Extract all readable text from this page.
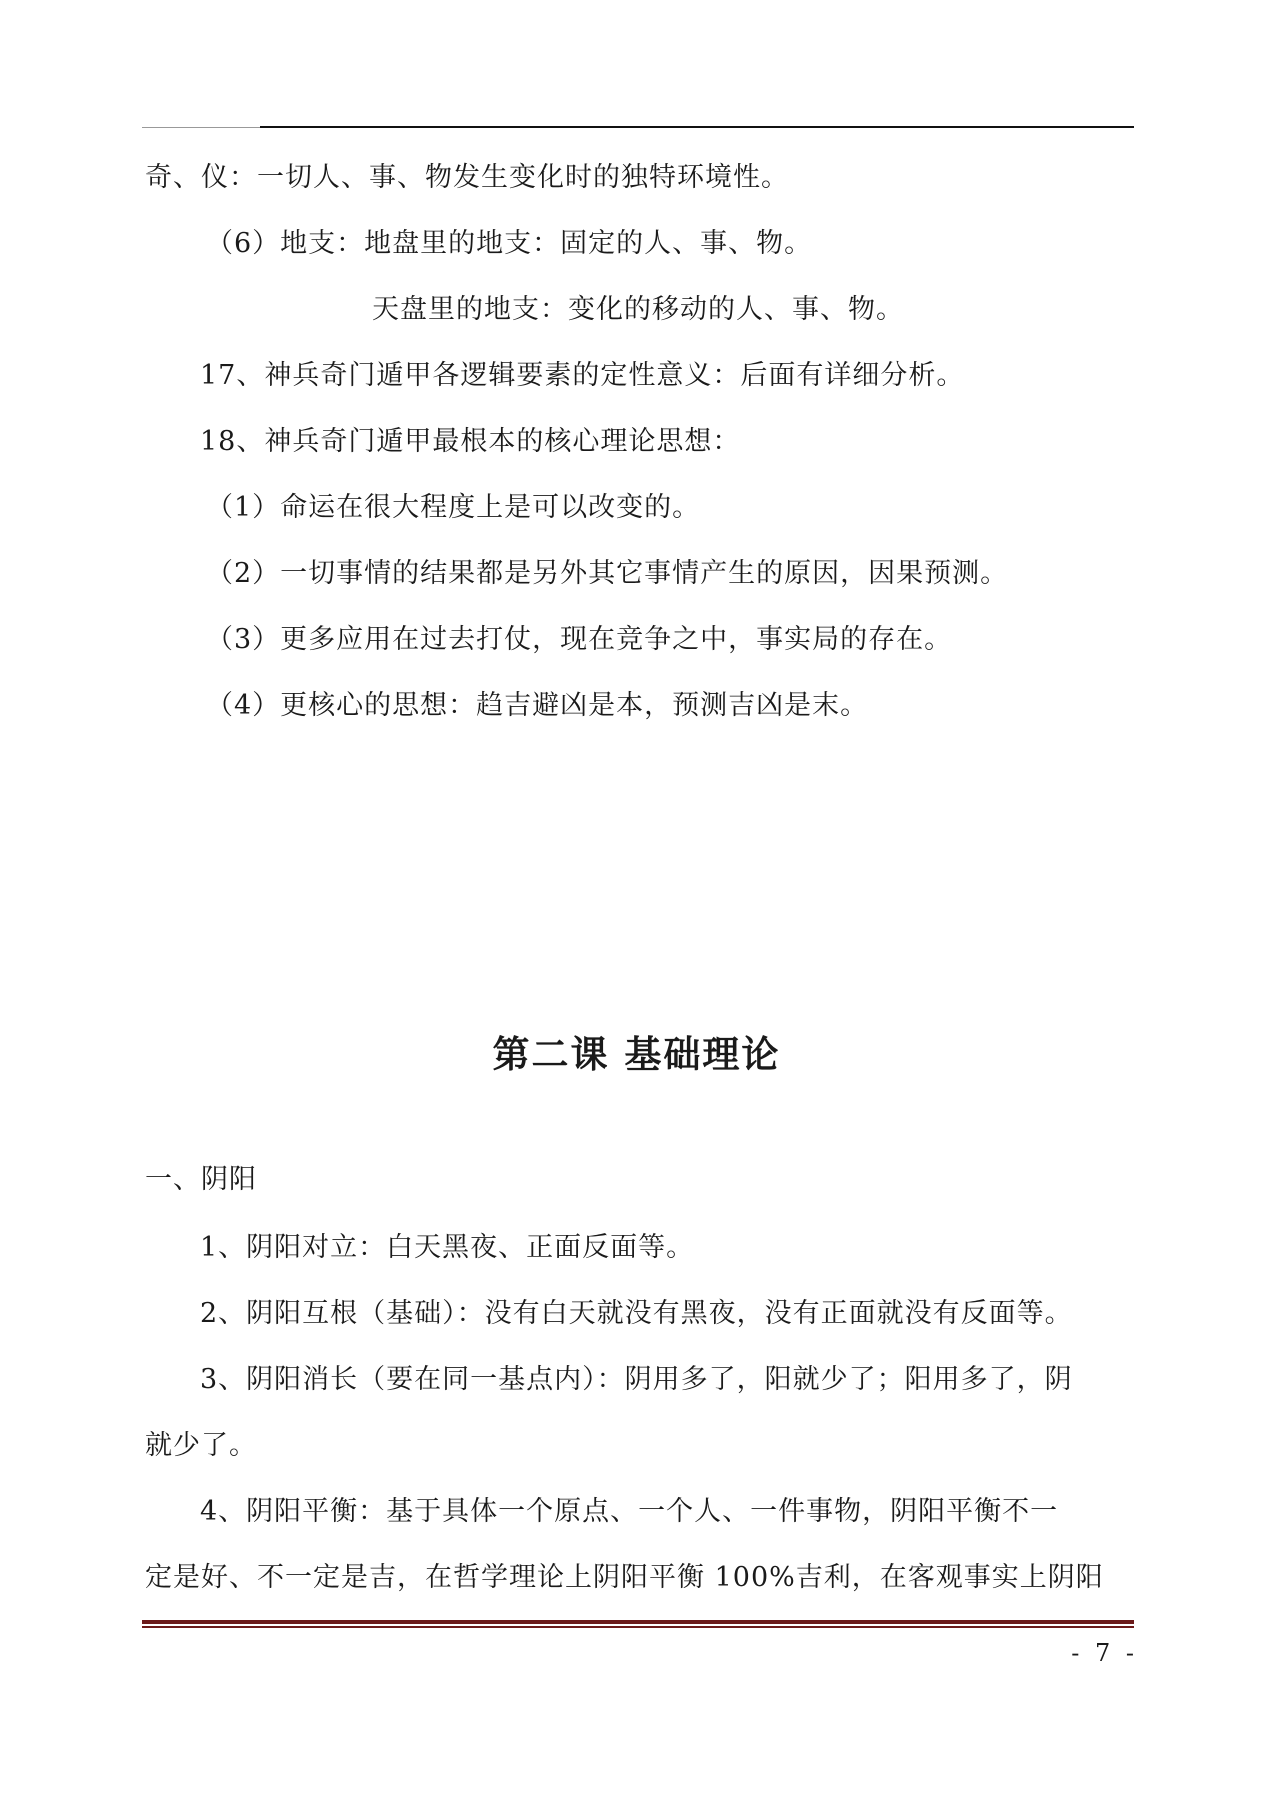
奇、仪：一切人、事、物发生变化时的独特环境性。
（6）地支：地盘里的地支：固定的人、事、物。
天盘里的地支：变化的移动的人、事、物。
17、神兵奇门遁甲各逻辑要素的定性意义：后面有详细分析。
18、神兵奇门遁甲最根本的核心理论思想：
（1）命运在很大程度上是可以改变的。
（2）一切事情的结果都是另外其它事情产生的原因，因果预测。
（3）更多应用在过去打仗，现在竞争之中，事实局的存在。
（4）更核心的思想：趋吉避凶是本，预测吉凶是末。
第二课 基础理论
一、阴阳
1、阴阳对立：白天黑夜、正面反面等。
2、阴阳互根（基础）：没有白天就没有黑夜，没有正面就没有反面等。
3、阴阳消长（要在同一基点内）：阴用多了，阳就少了；阳用多了，阴
就少了。
4、阴阳平衡：基于具体一个原点、一个人、一件事物，阴阳平衡不一
定是好、不一定是吉，在哲学理论上阴阳平衡 100%吉利，在客观事实上阴阳
- 7 -
